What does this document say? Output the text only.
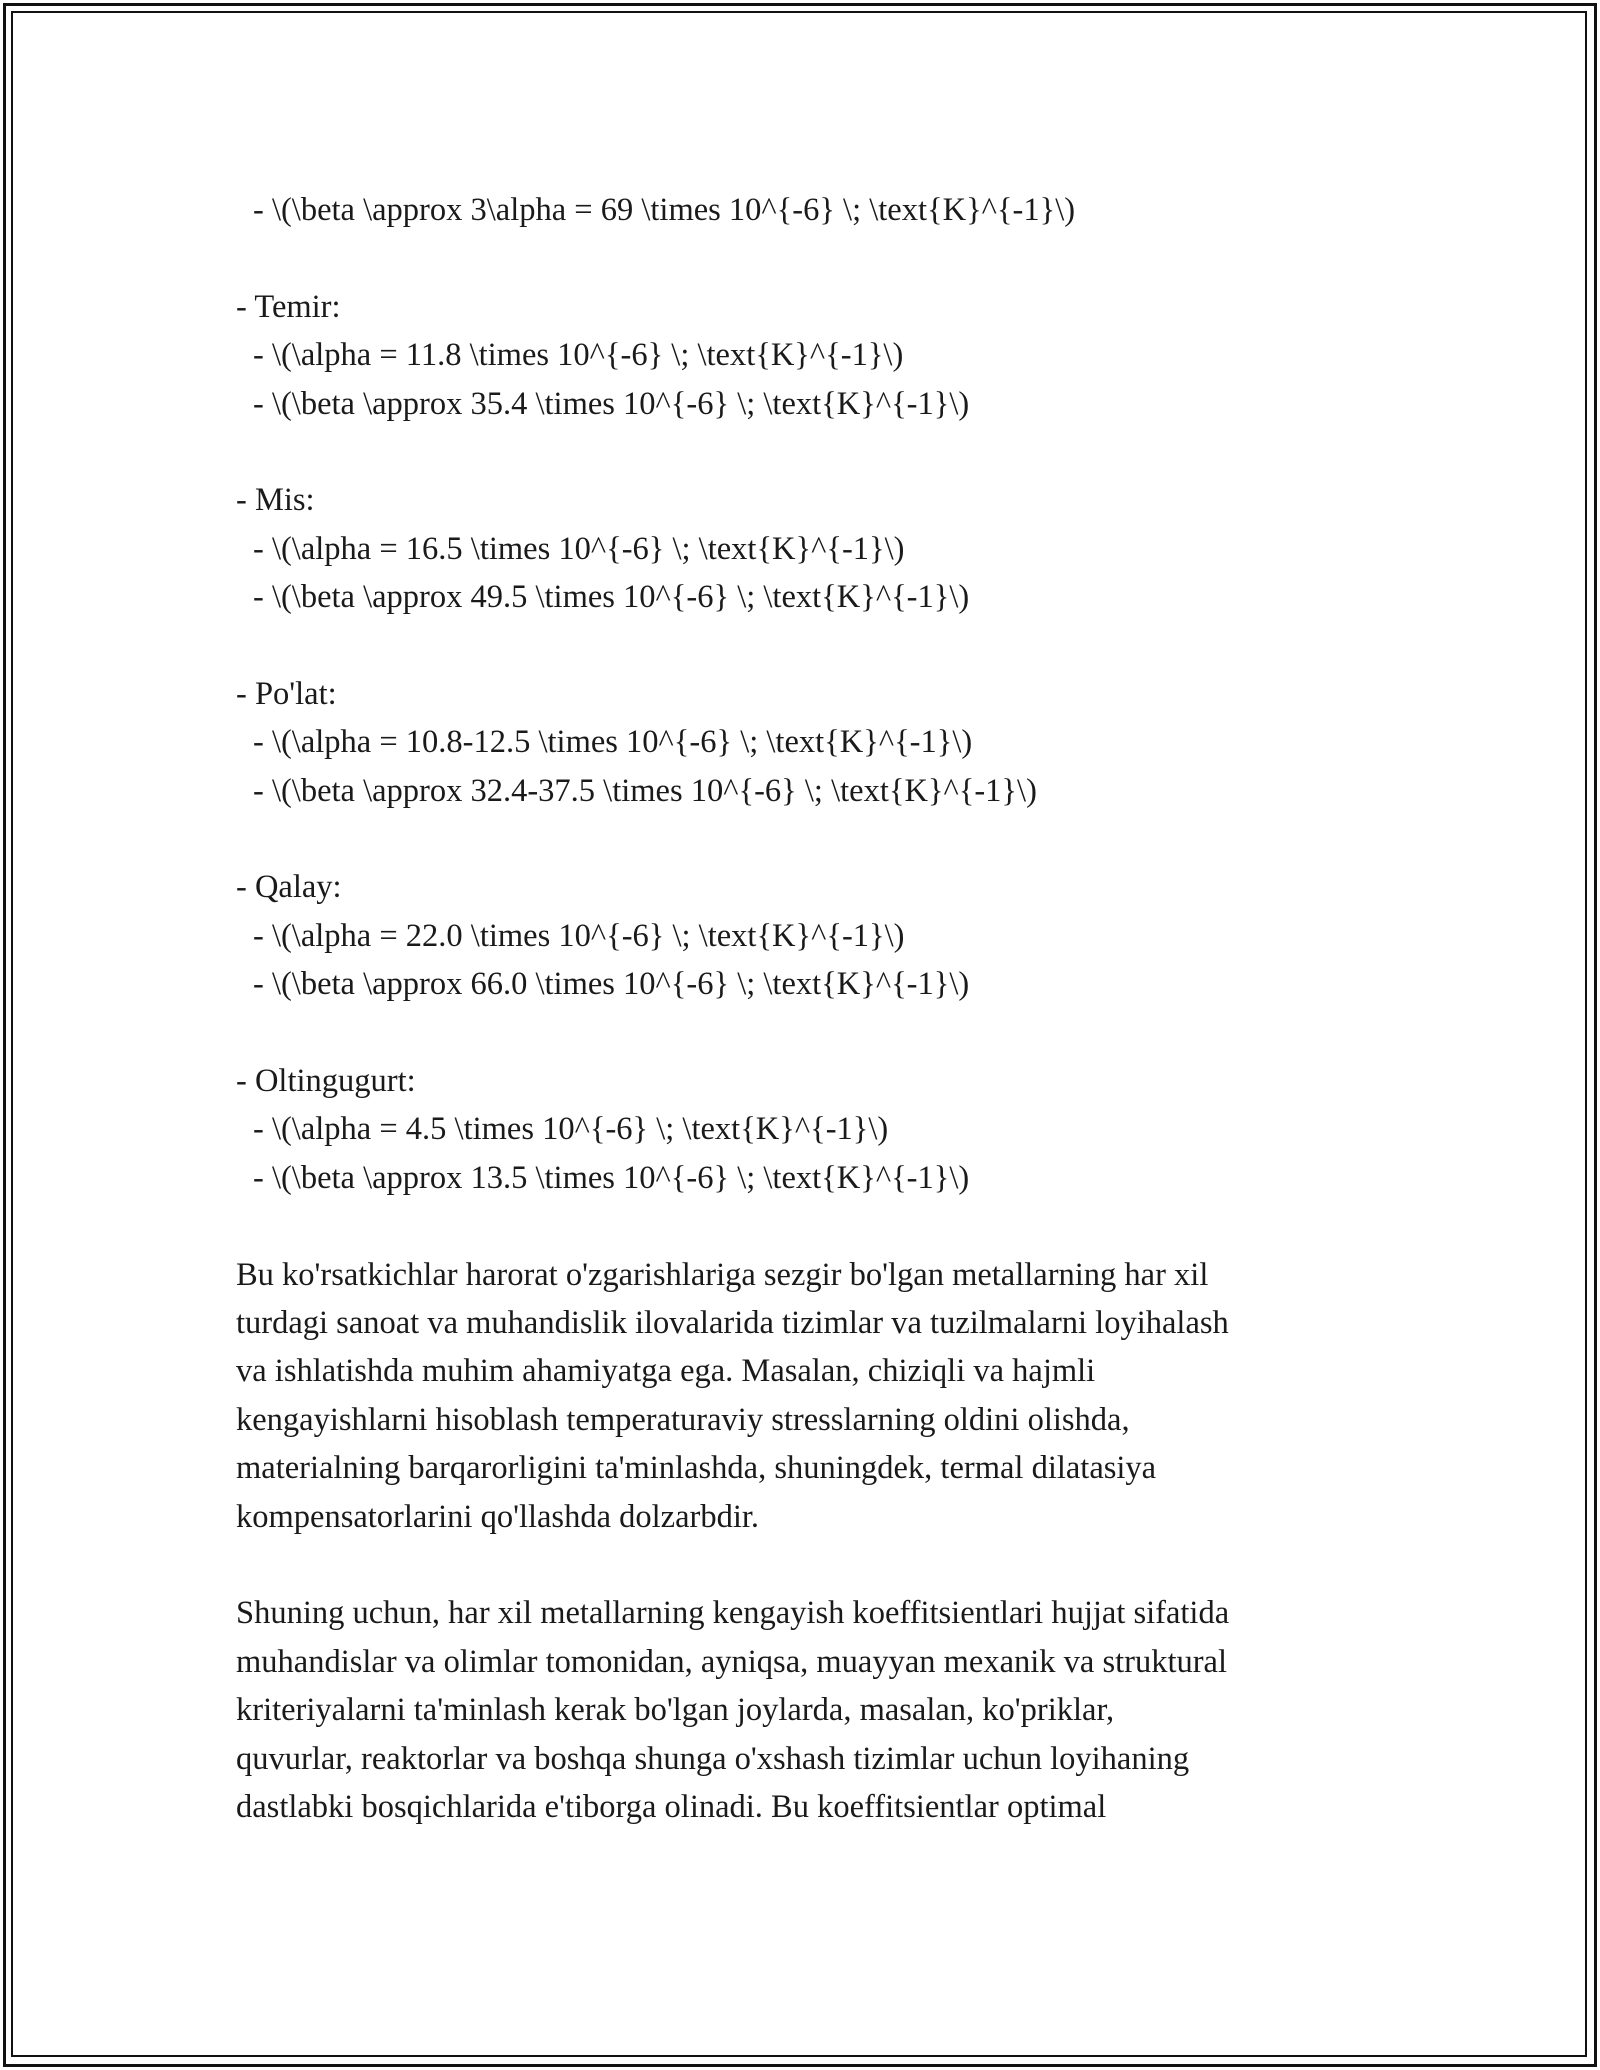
- \(\beta \approx 3\alpha = 69 \times 10^{-6} \; \text{K}^{-1}\)
- Temir:
- \(\alpha = 11.8 \times 10^{-6} \; \text{K}^{-1}\)
- \(\beta \approx 35.4 \times 10^{-6} \; \text{K}^{-1}\)
- Mis:
- \(\alpha = 16.5 \times 10^{-6} \; \text{K}^{-1}\)
- \(\beta \approx 49.5 \times 10^{-6} \; \text{K}^{-1}\)
- Po'lat:
- \(\alpha = 10.8-12.5 \times 10^{-6} \; \text{K}^{-1}\)
- \(\beta \approx 32.4-37.5 \times 10^{-6} \; \text{K}^{-1}\)
- Qalay:
- \(\alpha = 22.0 \times 10^{-6} \; \text{K}^{-1}\)
- \(\beta \approx 66.0 \times 10^{-6} \; \text{K}^{-1}\)
- Oltingugurt:
- \(\alpha = 4.5 \times 10^{-6} \; \text{K}^{-1}\)
- \(\beta \approx 13.5 \times 10^{-6} \; \text{K}^{-1}\)
Bu ko'rsatkichlar harorat o'zgarishlariga sezgir bo'lgan metallarning har xil
turdagi sanoat va muhandislik ilovalarida tizimlar va tuzilmalarni loyihalash
va ishlatishda muhim ahamiyatga ega. Masalan, chiziqli va hajmli
kengayishlarni hisoblash temperaturaviy stresslarning oldini olishda,
materialning barqarorligini ta'minlashda, shuningdek, termal dilatasiya
kompensatorlarini qo'llashda dolzarbdir.
Shuning uchun, har xil metallarning kengayish koeffitsientlari hujjat sifatida
muhandislar va olimlar tomonidan, ayniqsa, muayyan mexanik va struktural
kriteriyalarni ta'minlash kerak bo'lgan joylarda, masalan, ko'priklar,
quvurlar, reaktorlar va boshqa shunga o'xshash tizimlar uchun loyihaning
dastlabki bosqichlarida e'tiborga olinadi. Bu koeffitsientlar optimal
